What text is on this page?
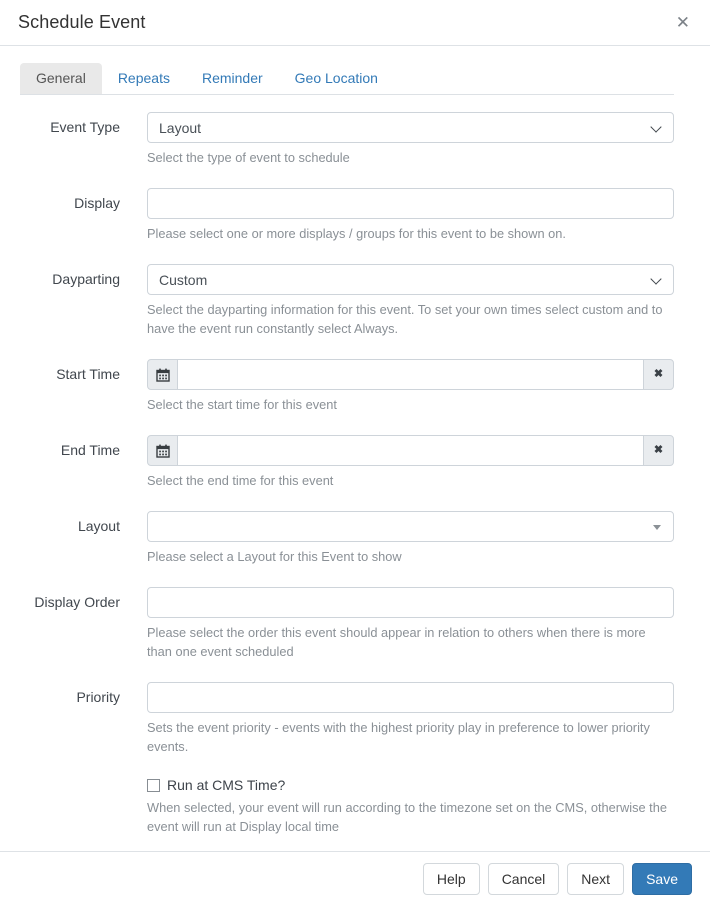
Schedule Event	✕
General	Repeats	Reminder	Geo Location
Event Type	Layout
Select the type of event to schedule
Display
Please select one or more displays / groups for this event to be shown on.
Dayparting	Custom
Select the dayparting information for this event. To set your own times select custom and to have the event run constantly select Always.
Start Time	✖
Select the start time for this event
End Time	✖
Select the end time for this event
Layout
Please select a Layout for this Event to show
Display Order
Please select the order this event should appear in relation to others when there is more than one event scheduled
Priority
Sets the event priority - events with the highest priority play in preference to lower priority events.
Run at CMS Time?
When selected, your event will run according to the timezone set on the CMS, otherwise the event will run at Display local time
Help	Cancel	Next	Save
